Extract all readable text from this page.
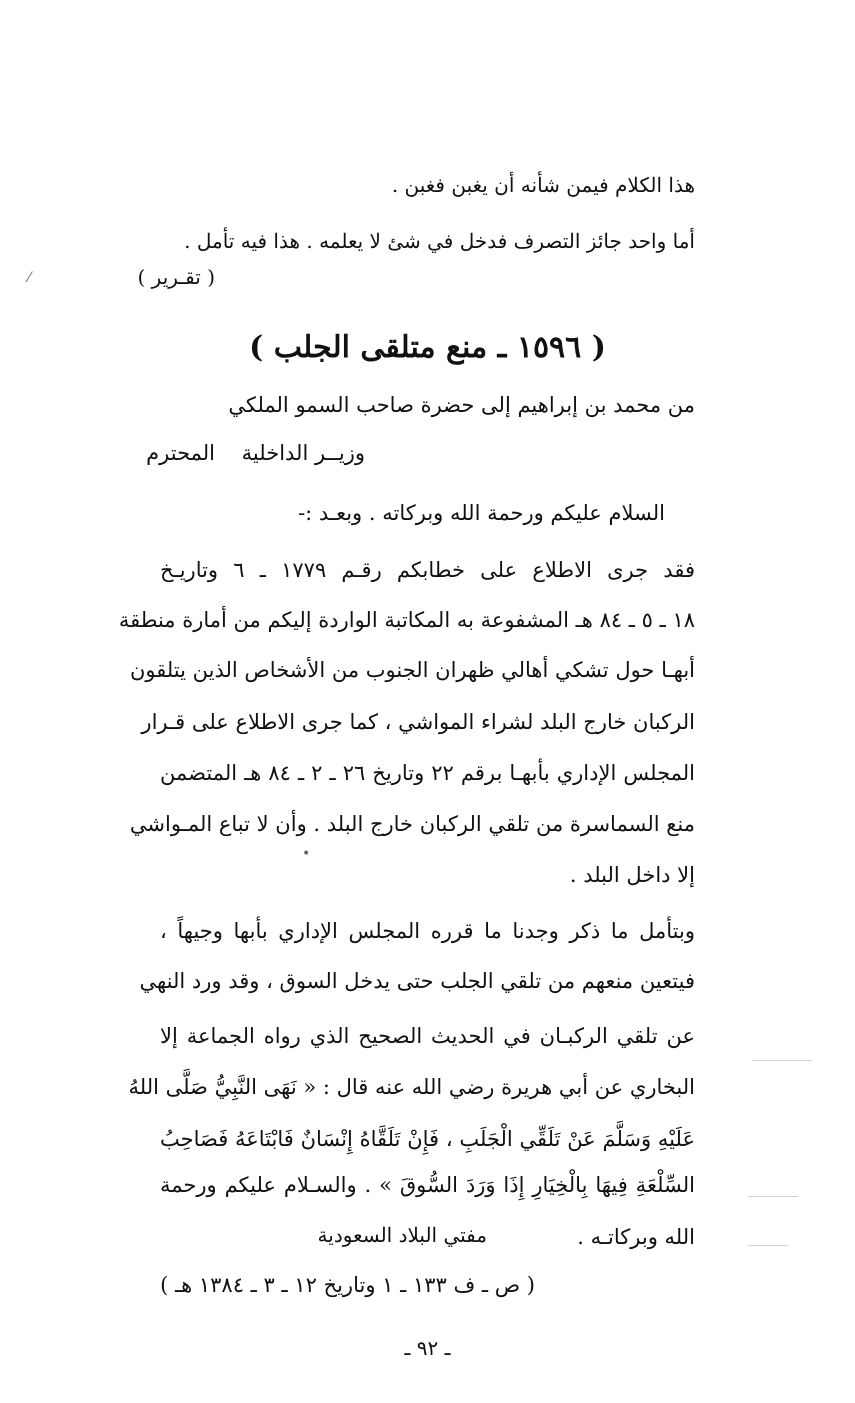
هذا الكلام فيمن شأنه أن يغبن فغبن .
أما واحد جائز التصرف فدخل في شئ لا يعلمه . هذا فيه تأمل .
( تقـرير )
( ١٥٩٦ ـ منع متلقى الجلب )
من محمد بن إبراهيم إلى حضرة صاحب السمو الملكي
وزيــر الداخلية
المحترم
السلام عليكم ورحمة الله وبركاته . وبعـد :-
فقد جرى الاطلاع على خطابكم رقـم ١٧٧٩ ـ ٦ وتاريـخ
١٨ ـ ٥ ـ ٨٤ هـ المشفوعة به المكاتبة الواردة إليكم من أمارة منطقة
أبهـا حول تشكي أهالي ظهران الجنوب من الأشخاص الذين يتلقون
الركبان خارج البلد لشراء المواشي ، كما جرى الاطلاع على قـرار
المجلس الإداري بأبهـا برقم ٢٢ وتاريخ ٢٦ ـ ٢ ـ ٨٤ هـ المتضمن
منع السماسرة من تلقي الركبان خارج البلد . وأن لا تباع المـواشي
إلا داخل البلد .
وبتأمل ما ذكر وجدنا ما قرره المجلس الإداري بأبها وجيهاً ،
فيتعين منعهم من تلقي الجلب حتى يدخل السوق ، وقد ورد النهي
عن تلقي الركبـان في الحديث الصحيح الذي رواه الجماعة إلا
البخاري عن أبي هريرة رضي الله عنه قال : « نَهَى النَّبِيُّ صَلَّى اللهُ
عَلَيْهِ وَسَلَّمَ عَنْ تَلَقِّي الْجَلَبِ ، فَإِنْ تَلَقَّاهُ إِنْسَانٌ فَابْتَاعَهُ فَصَاحِبُ
السِّلْعَةِ فِيهَا بِالْخِيَارِ إِذَا وَرَدَ السُّوقَ » . والسـلام عليكم ورحمة
الله وبركاتـه .
مفتي البلاد السعودية
( ص ـ ف ١٣٣ ـ ١ وتاريخ ١٢ ـ ٣ ـ ١٣٨٤ هـ )
ـ ٩٢ ـ
⁄
•
